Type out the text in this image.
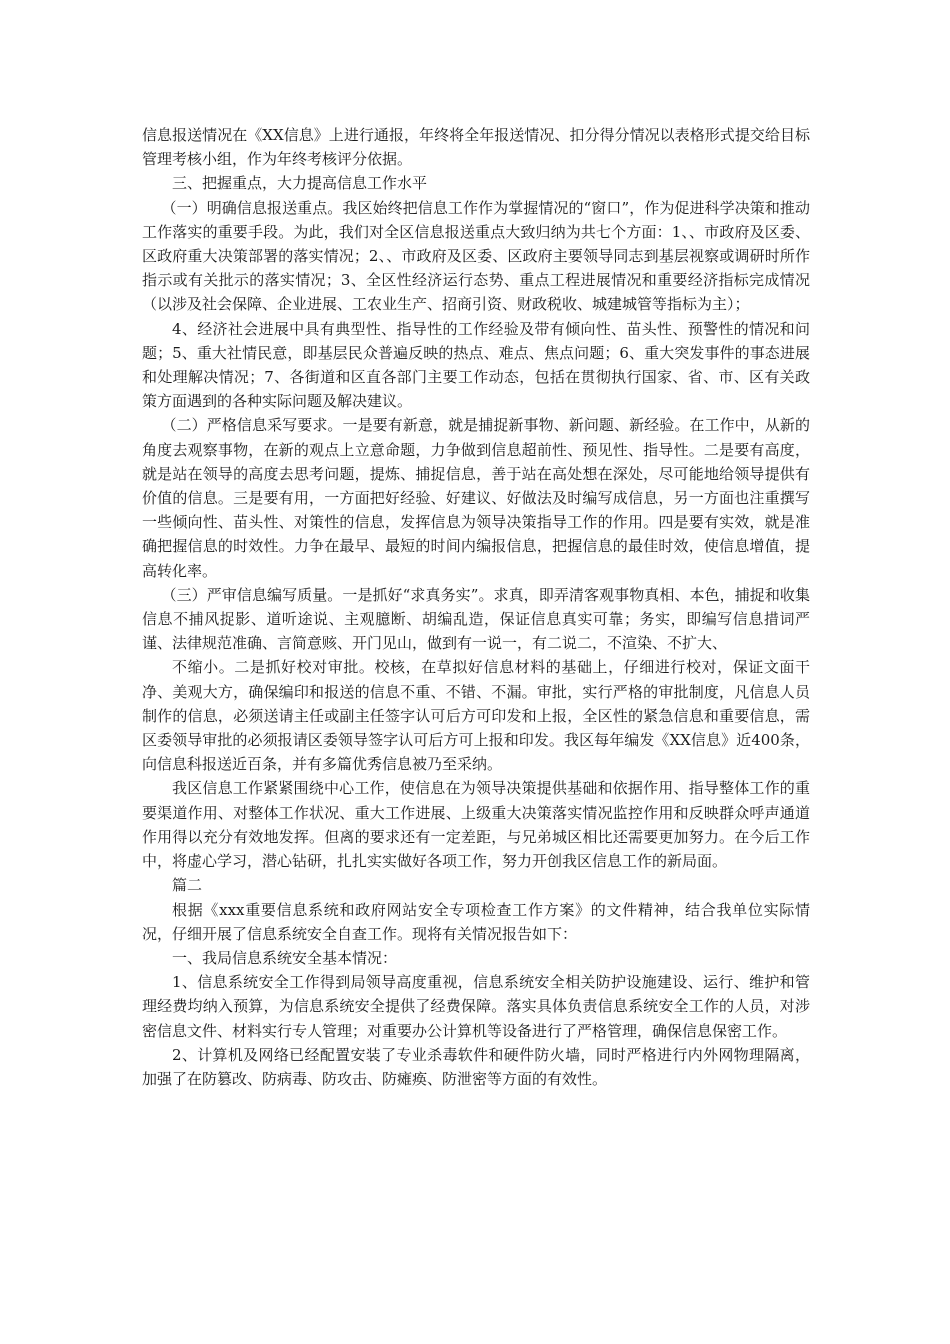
信息报送情况在《XX信息》上进行通报，年终将全年报送情况、扣分得分情况以表格形式提交给目标管理考核小组，作为年终考核评分依据。

三、把握重点，大力提高信息工作水平

（一）明确信息报送重点。我区始终把信息工作作为掌握情况的“窗口”，作为促进科学决策和推动工作落实的重要手段。为此，我们对全区信息报送重点大致归纳为共七个方面：1、、市政府及区委、区政府重大决策部署的落实情况；2、、市政府及区委、区政府主要领导同志到基层视察或调研时所作指示或有关批示的落实情况；3、全区性经济运行态势、重点工程进展情况和重要经济指标完成情况（以涉及社会保障、企业进展、工农业生产、招商引资、财政税收、城建城管等指标为主）；

4、经济社会进展中具有典型性、指导性的工作经验及带有倾向性、苗头性、预警性的情况和问题；5、重大社情民意，即基层民众普遍反映的热点、难点、焦点问题；6、重大突发事件的事态进展和处理解决情况；7、各街道和区直各部门主要工作动态，包括在贯彻执行国家、省、市、区有关政策方面遇到的各种实际问题及解决建议。

（二）严格信息采写要求。一是要有新意，就是捕捉新事物、新问题、新经验。在工作中，从新的角度去观察事物，在新的观点上立意命题，力争做到信息超前性、预见性、指导性。二是要有高度，就是站在领导的高度去思考问题，提炼、捕捉信息，善于站在高处想在深处，尽可能地给领导提供有价值的信息。三是要有用，一方面把好经验、好建议、好做法及时编写成信息，另一方面也注重撰写一些倾向性、苗头性、对策性的信息，发挥信息为领导决策指导工作的作用。四是要有实效，就是准确把握信息的时效性。力争在最早、最短的时间内编报信息，把握信息的最佳时效，使信息增值，提高转化率。

（三）严审信息编写质量。一是抓好“求真务实”。求真，即弄清客观事物真相、本色，捕捉和收集信息不捕风捉影、道听途说、主观臆断、胡编乱造，保证信息真实可靠；务实，即编写信息措词严谨、法律规范准确、言简意赅、开门见山，做到有一说一，有二说二，不渲染、不扩大、

不缩小。二是抓好校对审批。校核，在草拟好信息材料的基础上，仔细进行校对，保证文面干净、美观大方，确保编印和报送的信息不重、不错、不漏。审批，实行严格的审批制度，凡信息人员制作的信息，必须送请主任或副主任签字认可后方可印发和上报，全区性的紧急信息和重要信息，需区委领导审批的必须报请区委领导签字认可后方可上报和印发。我区每年编发《XX信息》近400条，向信息科报送近百条，并有多篇优秀信息被乃至采纳。

我区信息工作紧紧围绕中心工作，使信息在为领导决策提供基础和依据作用、指导整体工作的重要渠道作用、对整体工作状况、重大工作进展、上级重大决策落实情况监控作用和反映群众呼声通道作用得以充分有效地发挥。但离的要求还有一定差距，与兄弟城区相比还需要更加努力。在今后工作中，将虚心学习，潜心钻研，扎扎实实做好各项工作，努力开创我区信息工作的新局面。

篇二

根据《xxx重要信息系统和政府网站安全专项检查工作方案》的文件精神，结合我单位实际情况，仔细开展了信息系统安全自查工作。现将有关情况报告如下：

一、我局信息系统安全基本情况：

1、信息系统安全工作得到局领导高度重视，信息系统安全相关防护设施建设、运行、维护和管理经费均纳入预算，为信息系统安全提供了经费保障。落实具体负责信息系统安全工作的人员，对涉密信息文件、材料实行专人管理；对重要办公计算机等设备进行了严格管理，确保信息保密工作。

2、计算机及网络已经配置安装了专业杀毒软件和硬件防火墙，同时严格进行内外网物理隔离，加强了在防篡改、防病毒、防攻击、防瘫痪、防泄密等方面的有效性。
